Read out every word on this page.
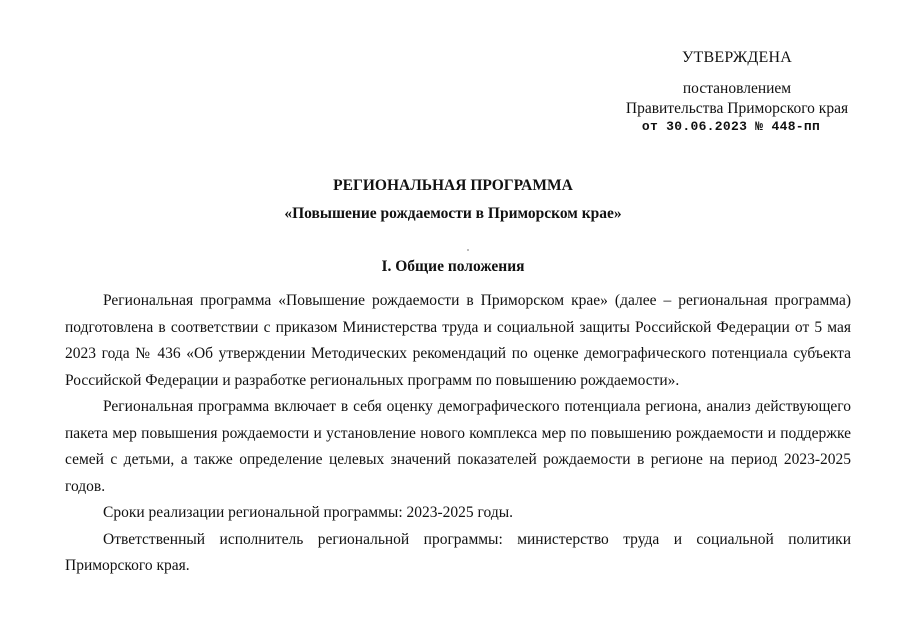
УТВЕРЖДЕНА
постановлением
Правительства Приморского края
от 30.06.2023 № 448-пп
РЕГИОНАЛЬНАЯ ПРОГРАММА
«Повышение рождаемости в Приморском крае»
I. Общие положения

Региональная программа «Повышение рождаемости в Приморском крае» (далее – региональная программа) подготовлена в соответствии с приказом Министерства труда и социальной защиты Российской Федерации от 5 мая 2023 года № 436 «Об утверждении Методических рекомендаций по оценке демографического потенциала субъекта Российской Федерации и разработке региональных программ по повышению рождаемости».

Региональная программа включает в себя оценку демографического потенциала региона, анализ действующего пакета мер повышения рождаемости и установление нового комплекса мер по повышению рождаемости и поддержке семей с детьми, а также определение целевых значений показателей рождаемости в регионе на период 2023-2025 годов.

Сроки реализации региональной программы: 2023-2025 годы.

Ответственный исполнитель региональной программы: министерство труда и социальной политики Приморского края.
